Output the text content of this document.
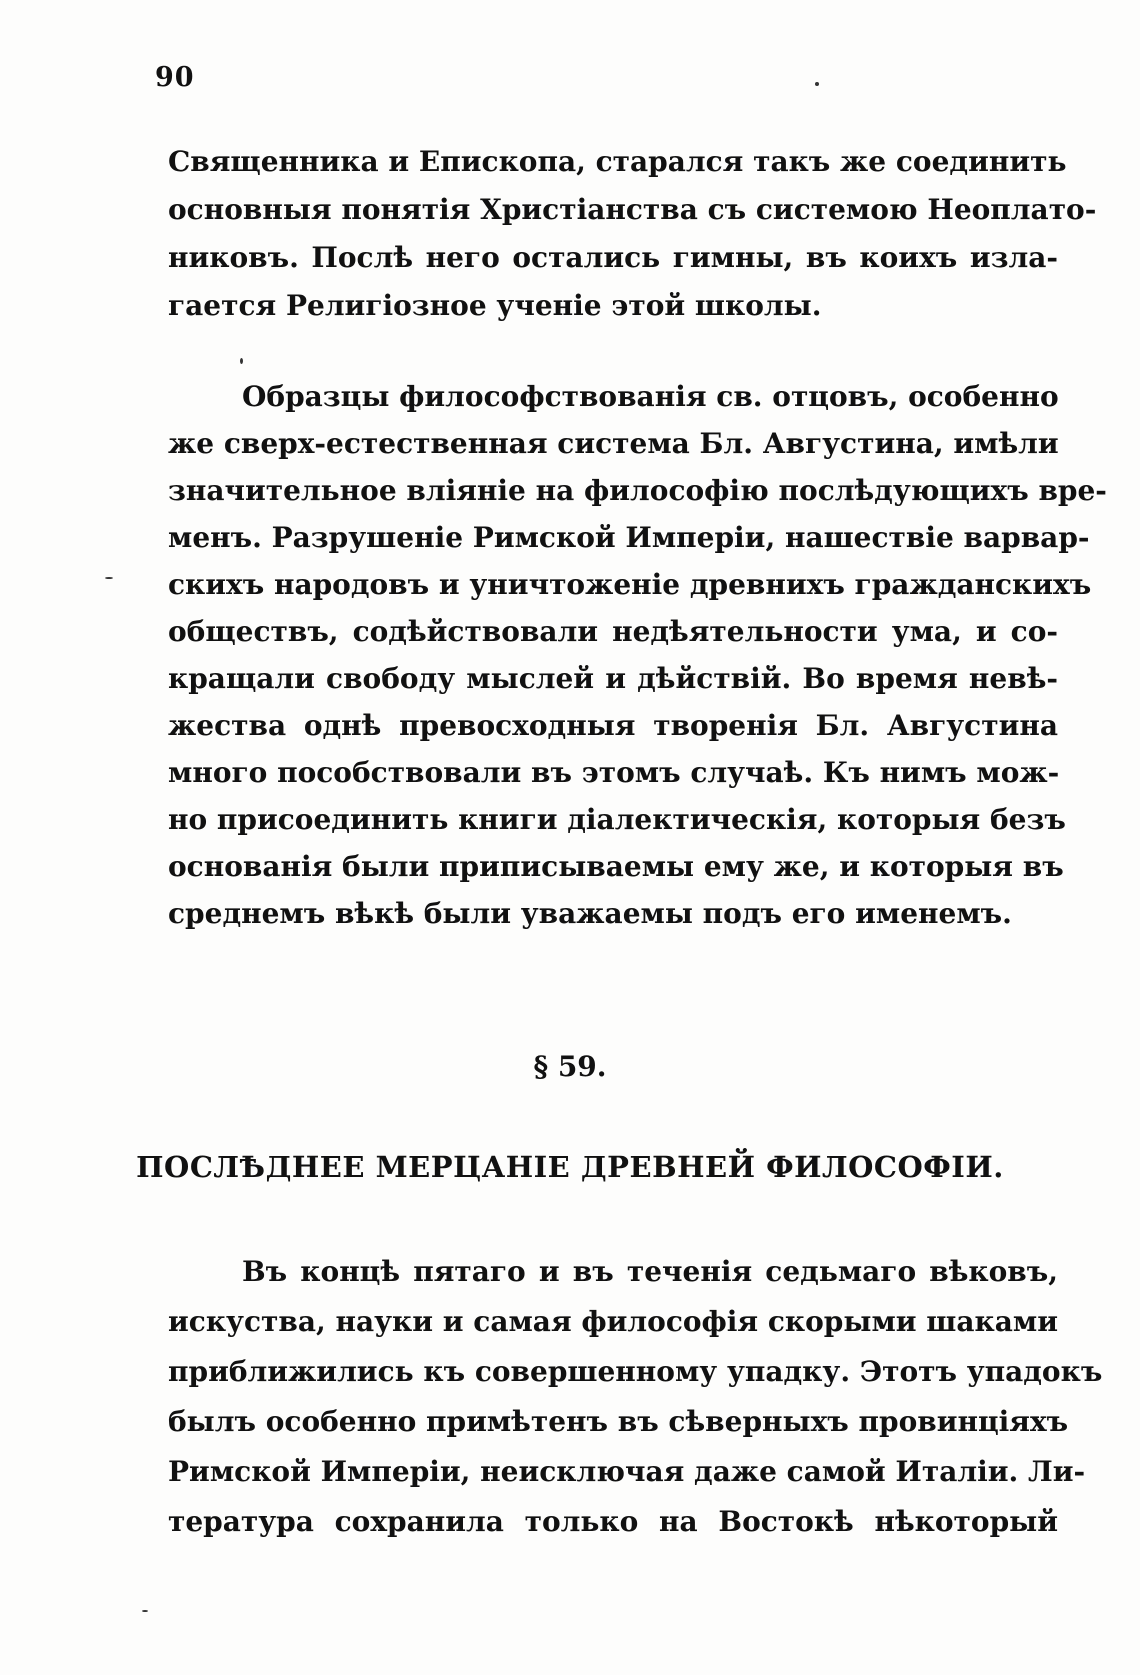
90
Священника и Епископа, старался такъ же соединить
основныя понятія Христіанства съ системою Неоплато-
никовъ. Послѣ него остались гимны, въ коихъ изла-
гается Религіозное ученіе этой школы.
Образцы философствованія св. отцовъ, особенно
же сверх-естественная система Бл. Августина, имѣли
значительное вліяніе на философію послѣдующихъ вре-
менъ. Разрушеніе Римской Имперіи, нашествіе варвар-
скихъ народовъ и уничтоженіе древнихъ гражданскихъ
обществъ, содѣйствовали недѣятельности ума, и со-
кращали свободу мыслей и дѣйствій. Во время невѣ-
жества однѣ превосходныя творенія Бл. Августина
много пособствовали въ этомъ случаѣ. Къ нимъ мож-
но присоединить книги діалектическія, которыя безъ
основанія были приписываемы ему же, и которыя въ
среднемъ вѣкѣ были уважаемы подъ его имeнемъ.
§ 59.
ПОСЛѢДНЕЕ МЕРЦАНІЕ ДРЕВНЕЙ ФИЛОСОФІИ.
Въ концѣ пятаго и въ теченія седьмаго вѣковъ,
искуства, науки и самая философія скорыми шаками
приближились къ совершенному упадку. Этотъ упадокъ
былъ особенно примѣтенъ въ сѣверныхъ провинціяхъ
Римской Имперіи, неисключая даже самой Италіи. Ли-
тература сохранила только на Востокѣ нѣкоторый
